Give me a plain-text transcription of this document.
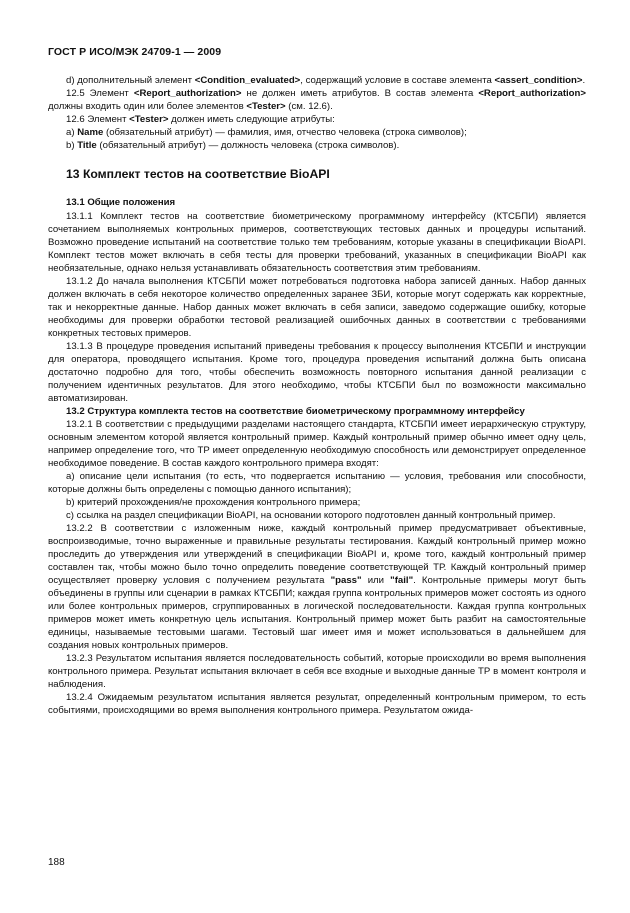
ГОСТ Р ИСО/МЭК 24709-1 — 2009

d) дополнительный элемент <Condition_evaluated>, содержащий условие в составе элемента <assert_condition>.

12.5 Элемент <Report_authorization> не должен иметь атрибутов. В состав элемента <Report_authorization> должны входить один или более элементов <Tester> (см. 12.6).

12.6 Элемент <Tester> должен иметь следующие атрибуты:

a) Name (обязательный атрибут) — фамилия, имя, отчество человека (строка символов);

b) Title (обязательный атрибут) — должность человека (строка символов).

13 Комплект тестов на соответствие BioAPI

13.1 Общие положения

13.1.1 Комплект тестов на соответствие биометрическому программному интерфейсу (КТСБПИ) является сочетанием выполняемых контрольных примеров, соответствующих тестовых данных и процедуры испытаний. Возможно проведение испытаний на соответствие только тем требованиям, которые указаны в спецификации BioAPI. Комплект тестов может включать в себя тесты для проверки требований, указанных в спецификации BioAPI как необязательные, однако нельзя устанавливать обязательность соответствия этим требованиям.

13.1.2 До начала выполнения КТСБПИ может потребоваться подготовка набора записей данных. Набор данных должен включать в себя некоторое количество определенных заранее ЗБИ, которые могут содержать как корректные, так и некорректные данные. Набор данных может включать в себя записи, заведомо содержащие ошибку, которые необходимы для проверки обработки тестовой реализацией ошибочных данных в соответствии с требованиями конкретных тестовых примеров.

13.1.3 В процедуре проведения испытаний приведены требования к процессу выполнения КТСБПИ и инструкции для оператора, проводящего испытания. Кроме того, процедура проведения испытаний должна быть описана достаточно подробно для того, чтобы обеспечить возможность повторного испытания данной реализации с получением идентичных результатов. Для этого необходимо, чтобы КТСБПИ был по возможности максимально автоматизирован.

13.2 Структура комплекта тестов на соответствие биометрическому программному интерфейсу

13.2.1 В соответствии с предыдущими разделами настоящего стандарта, КТСБПИ имеет иерархическую структуру, основным элементом которой является контрольный пример. Каждый контрольный пример обычно имеет одну цель, например определение того, что ТР имеет определенную необходимую способность или демонстрирует определенное необходимое поведение. В состав каждого контрольного примера входят:

a) описание цели испытания (то есть, что подвергается испытанию — условия, требования или способности, которые должны быть определены с помощью данного испытания);

b) критерий прохождения/не прохождения контрольного примера;

c) ссылка на раздел спецификации BioAPI, на основании которого подготовлен данный контрольный пример.

13.2.2 В соответствии с изложенным ниже, каждый контрольный пример предусматривает объективные, воспроизводимые, точно выраженные и правильные результаты тестирования. Каждый контрольный пример можно проследить до утверждения или утверждений в спецификации BioAPI и, кроме того, каждый контрольный пример составлен так, чтобы можно было точно определить поведение соответствующей ТР. Каждый контрольный пример осуществляет проверку условия с получением результата "pass" или "fail". Контрольные примеры могут быть объединены в группы или сценарии в рамках КТСБПИ; каждая группа контрольных примеров может состоять из одного или более контрольных примеров, сгруппированных в логической последовательности. Каждая группа контрольных примеров может иметь конкретную цель испытания. Контрольный пример может быть разбит на самостоятельные единицы, называемые тестовыми шагами. Тестовый шаг имеет имя и может использоваться в дальнейшем для создания новых контрольных примеров.

13.2.3 Результатом испытания является последовательность событий, которые происходили во время выполнения контрольного примера. Результат испытания включает в себя все входные и выходные данные ТР в момент контроля и наблюдения.

13.2.4 Ожидаемым результатом испытания является результат, определенный контрольным примером, то есть событиями, происходящими во время выполнения контрольного примера. Результатом ожида-

188
